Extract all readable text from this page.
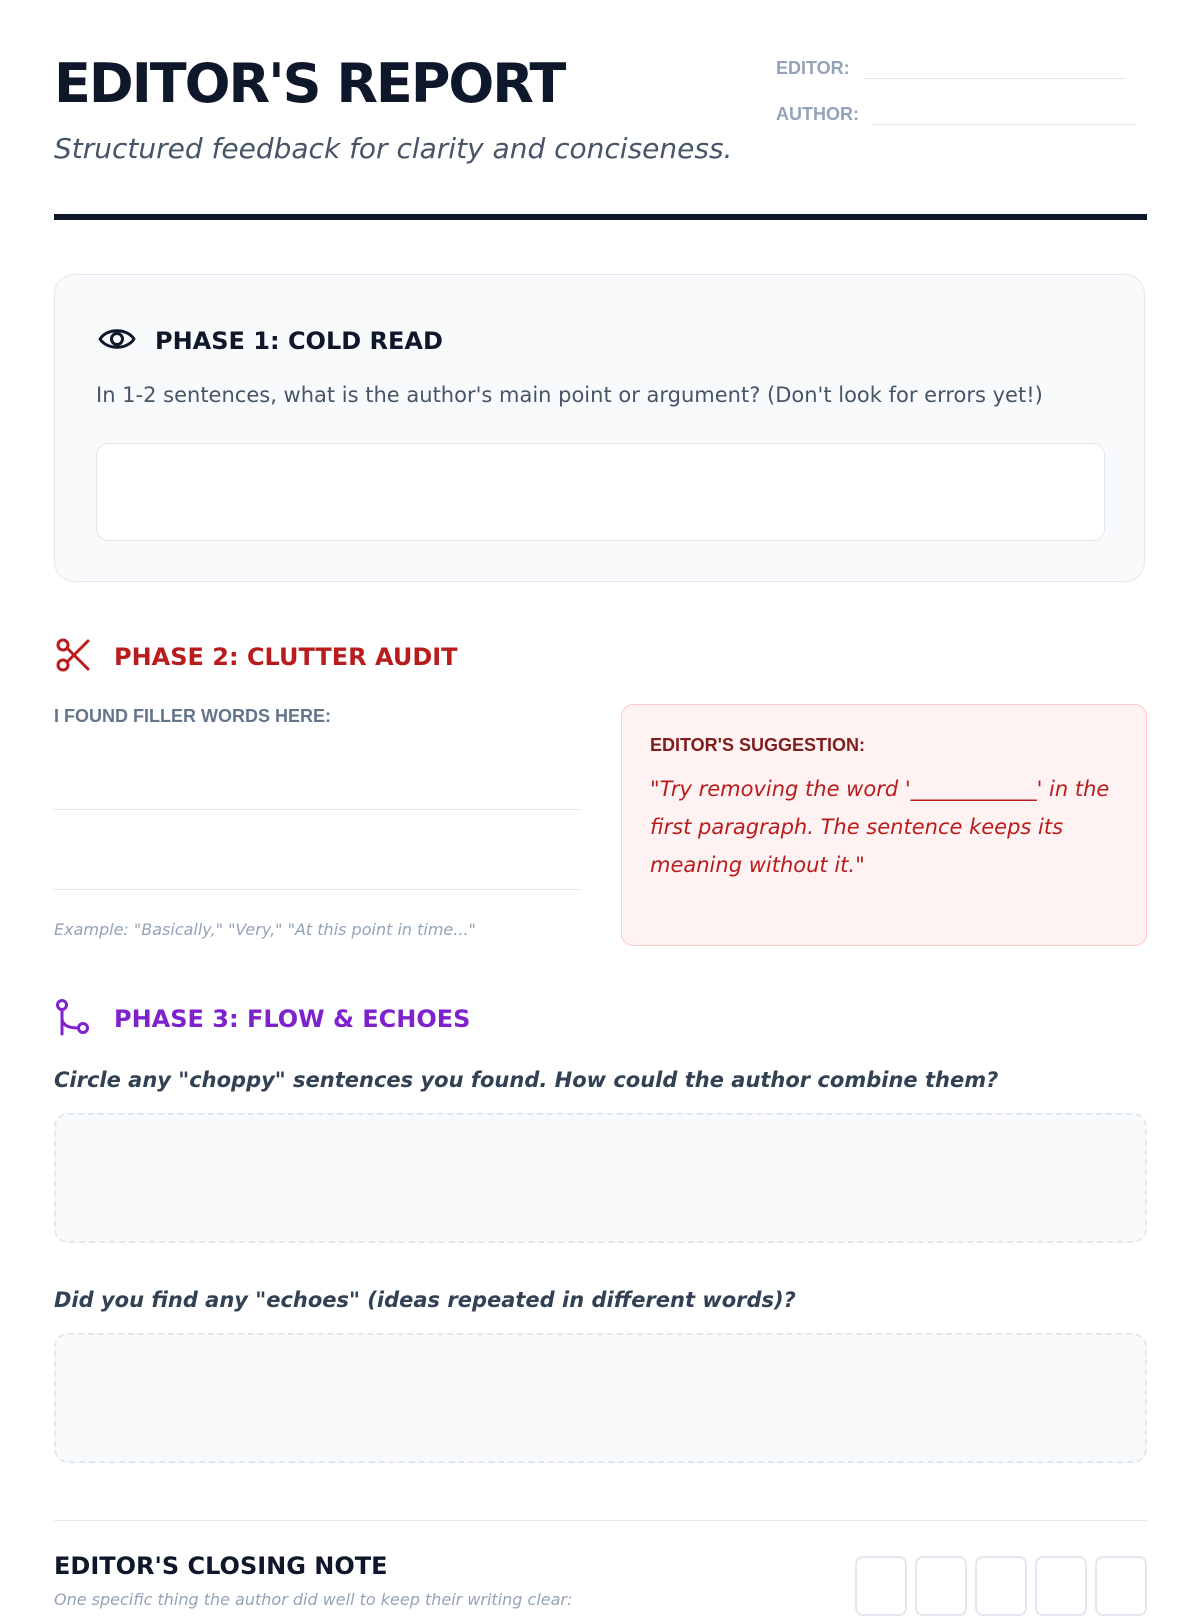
EDITOR'S REPORT
Structured feedback for clarity and conciseness.
EDITOR:
AUTHOR:
PHASE 1: COLD READ
In 1-2 sentences, what is the author's main point or argument? (Don't look for errors yet!)
PHASE 2: CLUTTER AUDIT
I FOUND FILLER WORDS HERE:
Example: "Basically," "Very," "At this point in time..."
EDITOR'S SUGGESTION:
"Try removing the word '____________' in the first paragraph. The sentence keeps its meaning without it."
PHASE 3: FLOW & ECHOES
Circle any "choppy" sentences you found. How could the author combine them?
Did you find any "echoes" (ideas repeated in different words)?
EDITOR'S CLOSING NOTE
One specific thing the author did well to keep their writing clear:
